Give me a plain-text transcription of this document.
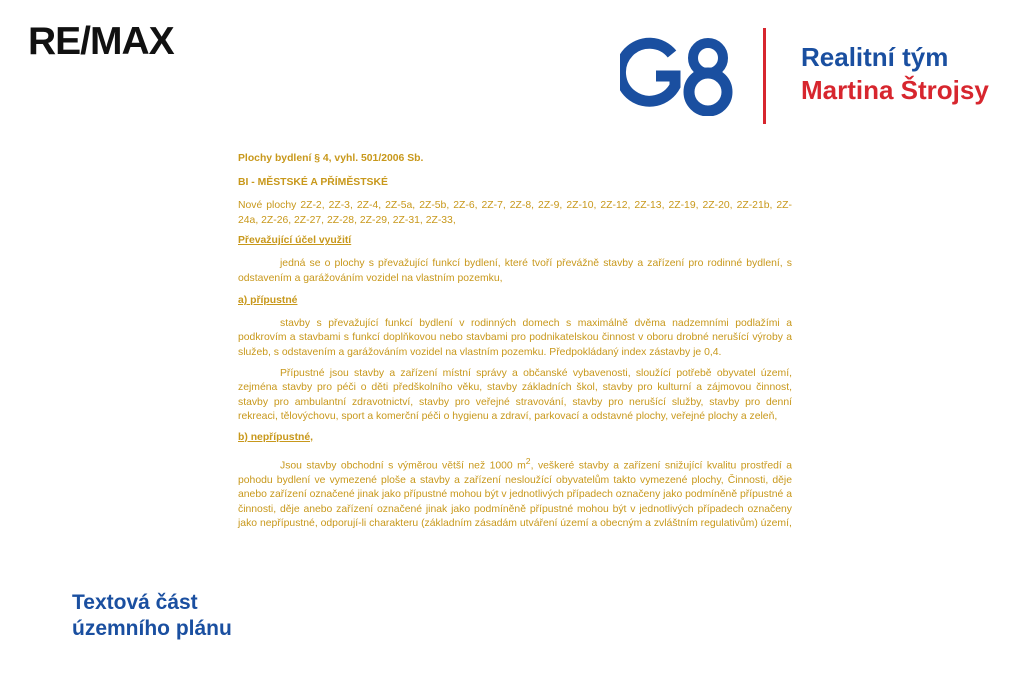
RE/MAX	Realitní tým
Martina Štrojsy

Plochy bydlení § 4, vyhl. 501/2006 Sb.

BI - MĚSTSKÉ A PŘÍMĚSTSKÉ

Nové plochy 2Z-2, 2Z-3, 2Z-4, 2Z-5a, 2Z-5b, 2Z-6, 2Z-7, 2Z-8, 2Z-9, 2Z-10, 2Z-12, 2Z-13, 2Z-19, 2Z-20, 2Z-21b, 2Z-24a, 2Z-26, 2Z-27, 2Z-28, 2Z-29, 2Z-31, 2Z-33,

Převažující účel využití

jedná se o plochy s převažující funkcí bydlení, které tvoří převážně stavby a zařízení pro rodinné bydlení, s odstavením a garážováním vozidel na vlastním pozemku,

a) přípustné

stavby s převažující funkcí bydlení v rodinných domech s maximálně dvěma nadzemními podlažími a podkrovím a stavbami s funkcí doplňkovou nebo stavbami pro podnikatelskou činnost v oboru drobné nerušící výroby a služeb, s odstavením a garážováním vozidel na vlastním pozemku. Předpokládaný index zástavby je 0,4.

Přípustné jsou stavby a zařízení místní správy a občanské vybavenosti, sloužící potřebě obyvatel území, zejména stavby pro péči o děti předškolního věku, stavby základních škol, stavby pro kulturní a zájmovou činnost, stavby pro ambulantní zdravotnictví, stavby pro veřejné stravování, stavby pro nerušící služby, stavby pro denní rekreaci, tělovýchovu, sport a komerční péči o hygienu a zdraví, parkovací a odstavné plochy, veřejné plochy a zeleň,

b) nepřípustné,

Jsou stavby obchodní s výměrou větší než 1000 $m^2$, veškeré stavby a zařízení snižující kvalitu prostředí a pohodu bydlení ve vymezené ploše a stavby a zařízení nesloužící obyvatelům takto vymezené plochy, Činnosti, děje anebo zařízení označené jinak jako přípustné mohou být v jednotlivých případech označeny jako podmíněně přípustné a činnosti, děje anebo zařízení označené jinak jako podmíněně přípustné mohou být v jednotlivých případech označeny jako nepřípustné, odporují-li charakteru (základním zásadám utváření území a obecným a zvláštním regulativům) území,

Textová část
územního plánu
